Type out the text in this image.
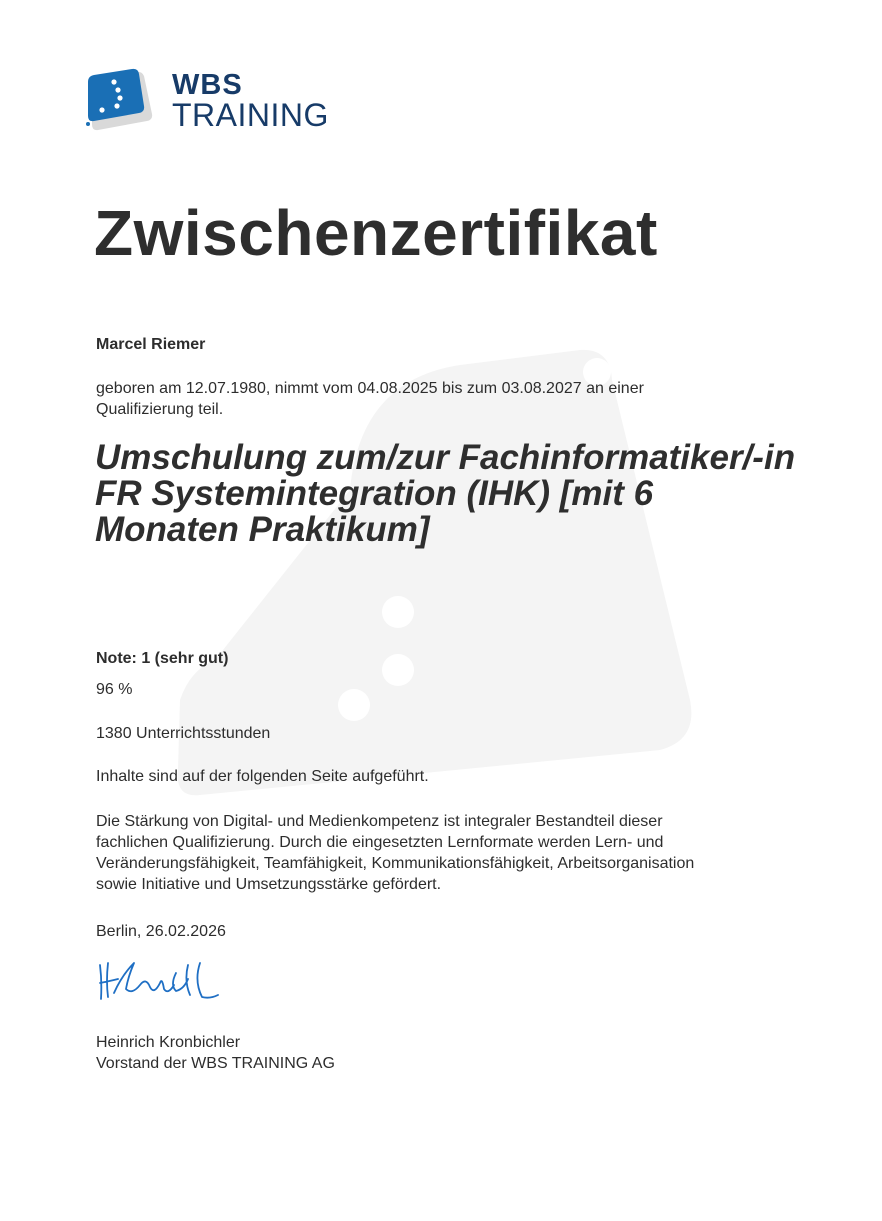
WBS
TRAINING
Zwischenzertifikat
Marcel Riemer
geboren am 12.07.1980, nimmt vom 04.08.2025 bis zum 03.08.2027 an einer
Qualifizierung teil.
Umschulung zum/zur Fachinformatiker/-in
FR Systemintegration (IHK) [mit 6
Monaten Praktikum]
Note: 1 (sehr gut)
96 %
1380 Unterrichtsstunden
Inhalte sind auf der folgenden Seite aufgeführt.
Die Stärkung von Digital- und Medienkompetenz ist integraler Bestandteil dieser
fachlichen Qualifizierung. Durch die eingesetzten Lernformate werden Lern- und
Veränderungsfähigkeit, Teamfähigkeit, Kommunikationsfähigkeit, Arbeitsorganisation
sowie Initiative und Umsetzungsstärke gefördert.
Berlin, 26.02.2026
Heinrich Kronbichler
Vorstand der WBS TRAINING AG
